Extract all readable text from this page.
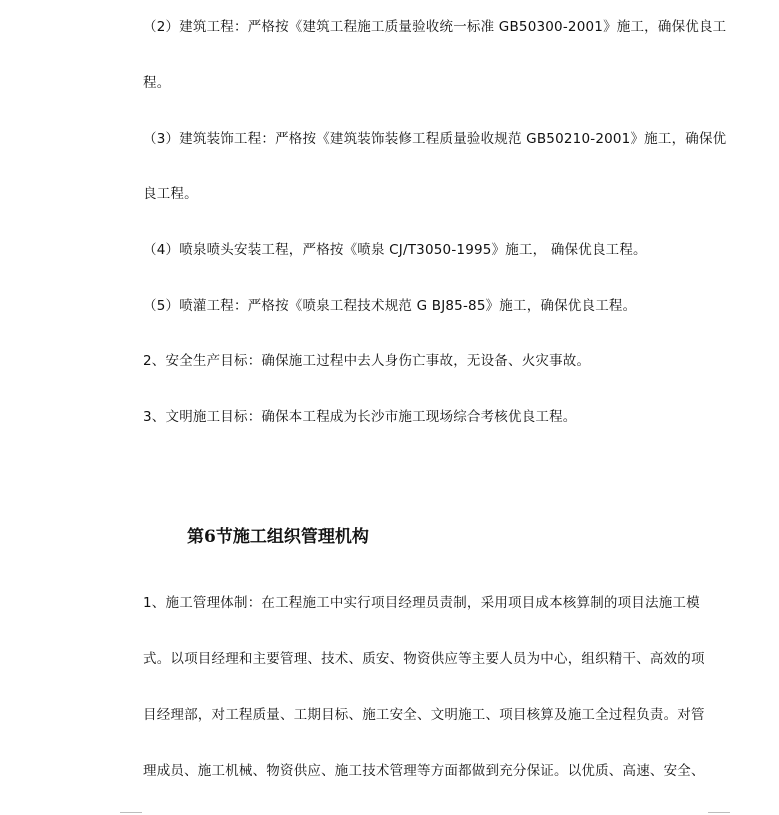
（2）建筑工程：严格按《建筑工程施工质量验收统一标准 GB50300-2001》施工，确保优良工
程。
（3）建筑装饰工程：严格按《建筑装饰装修工程质量验收规范 GB50210-2001》施工，确保优
良工程。
（4）喷泉喷头安装工程，严格按《喷泉 CJ/T3050-1995》施工， 确保优良工程。
（5）喷灌工程：严格按《喷泉工程技术规范 G BJ85-85》施工，确保优良工程。
2、安全生产目标：确保施工过程中去人身伤亡事故，无设备、火灾事故。
3、文明施工目标：确保本工程成为长沙市施工现场综合考核优良工程。
第6节施工组织管理机构
1、施工管理体制：在工程施工中实行项目经理员责制，采用项目成本核算制的项目法施工模
式。以项目经理和主要管理、技术、质安、物资供应等主要人员为中心，组织精干、高效的项
目经理部，对工程质量、工期目标、施工安全、文明施工、项目核算及施工全过程负责。对管
理成员、施工机械、物资供应、施工技术管理等方面都做到充分保证。以优质、高速、安全、
